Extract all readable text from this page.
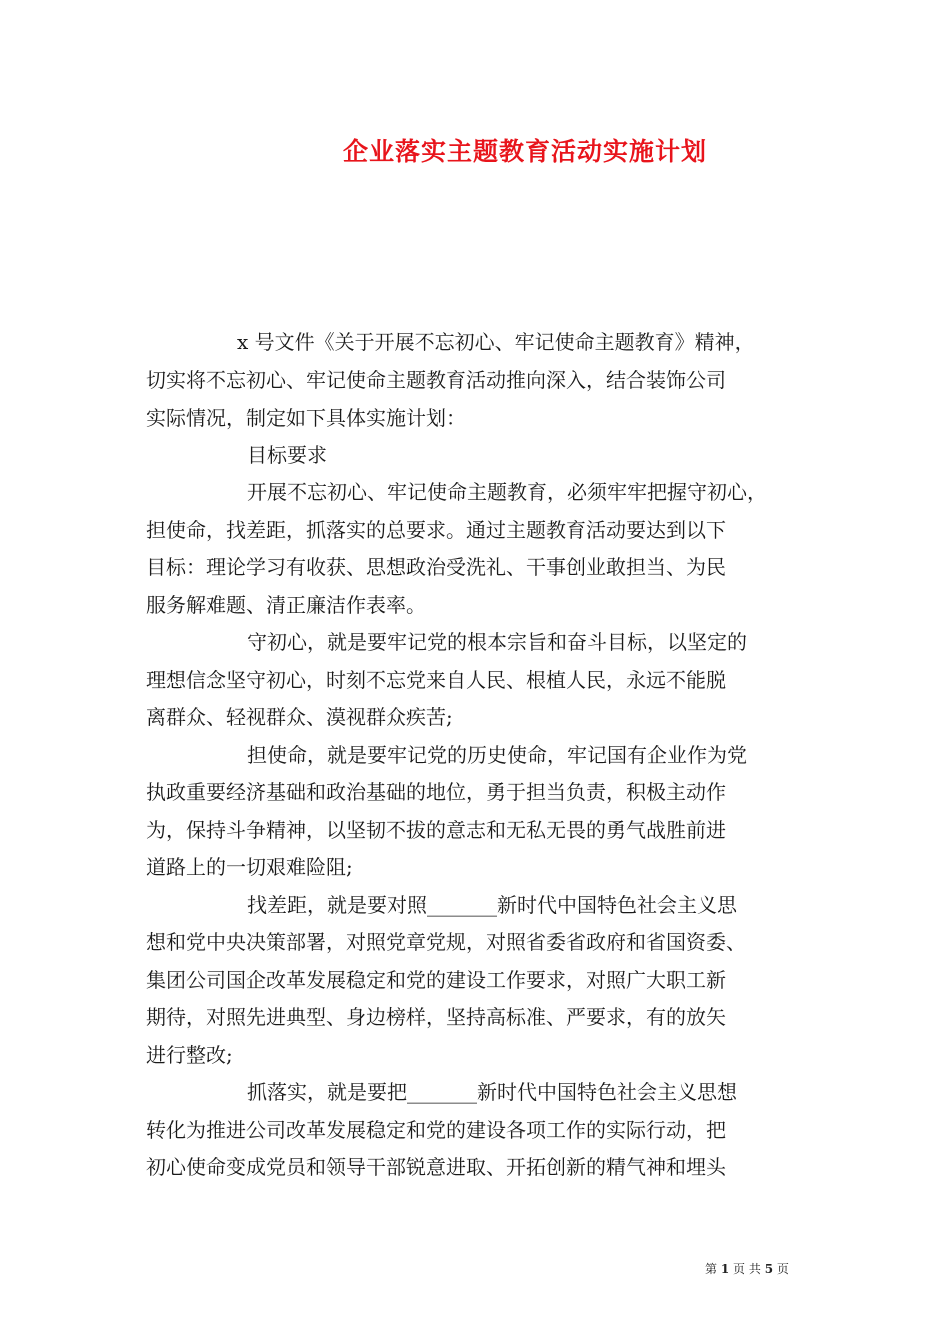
企业落实主题教育活动实施计划
x 号文件《关于开展不忘初心、牢记使命主题教育》精神，
切实将不忘初心、牢记使命主题教育活动推向深入，结合装饰公司
实际情况，制定如下具体实施计划：
目标要求
开展不忘初心、牢记使命主题教育，必须牢牢把握守初心，
担使命，找差距，抓落实的总要求。通过主题教育活动要达到以下
目标：理论学习有收获、思想政治受洗礼、干事创业敢担当、为民
服务解难题、清正廉洁作表率。
守初心，就是要牢记党的根本宗旨和奋斗目标，以坚定的
理想信念坚守初心，时刻不忘党来自人民、根植人民，永远不能脱
离群众、轻视群众、漠视群众疾苦;
担使命，就是要牢记党的历史使命，牢记国有企业作为党
执政重要经济基础和政治基础的地位，勇于担当负责，积极主动作
为，保持斗争精神，以坚韧不拔的意志和无私无畏的勇气战胜前进
道路上的一切艰难险阻;
找差距，就是要对照_______新时代中国特色社会主义思
想和党中央决策部署，对照党章党规，对照省委省政府和省国资委、
集团公司国企改革发展稳定和党的建设工作要求，对照广大职工新
期待，对照先进典型、身边榜样，坚持高标准、严要求，有的放矢
进行整改;
抓落实，就是要把_______新时代中国特色社会主义思想
转化为推进公司改革发展稳定和党的建设各项工作的实际行动，把
初心使命变成党员和领导干部锐意进取、开拓创新的精气神和埋头
第 1 页 共 5 页
